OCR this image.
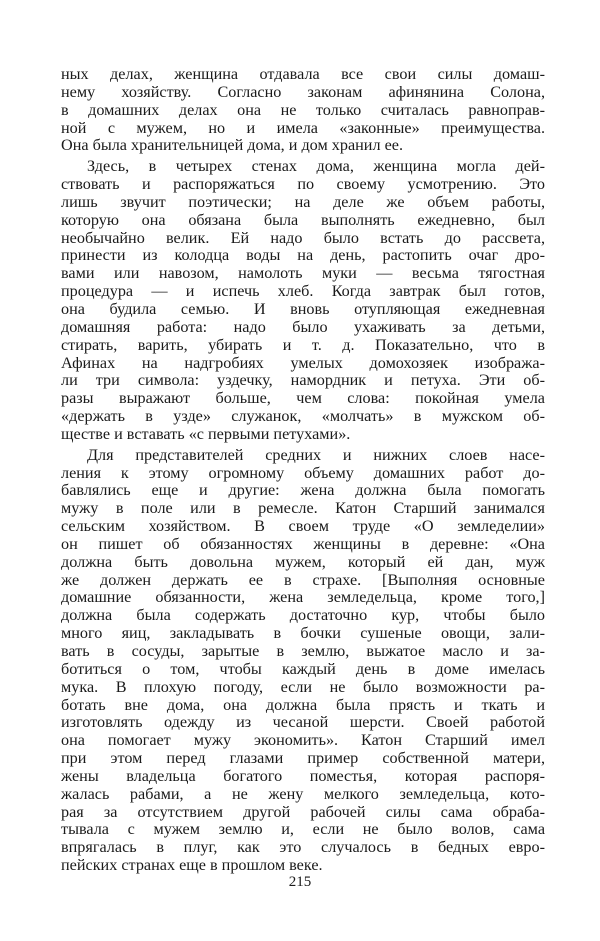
ных делах, женщина отдавала все свои силы домаш-
нему хозяйству. Согласно законам афинянина Солона,
в домашних делах она не только считалась равноправ-
ной с мужем, но и имела «законные» преимущества.
Она была хранительницей дома, и дом хранил ее.
Здесь, в четырех стенах дома, женщина могла дей-
ствовать и распоряжаться по своему усмотрению. Это
лишь звучит поэтически; на деле же объем работы,
которую она обязана была выполнять ежедневно, был
необычайно велик. Ей надо было встать до рассвета,
принести из колодца воды на день, растопить очаг дро-
вами или навозом, намолоть муки — весьма тягостная
процедура — и испечь хлеб. Когда завтрак был готов,
она будила семью. И вновь отупляющая ежедневная
домашняя работа: надо было ухаживать за детьми,
стирать, варить, убирать и т. д. Показательно, что в
Афинах на надгробиях умелых домохозяек изобража-
ли три символа: уздечку, намордник и петуха. Эти об-
разы выражают больше, чем слова: покойная умела
«держать в узде» служанок, «молчать» в мужском об-
ществе и вставать «с первыми петухами».
Для представителей средних и нижних слоев насе-
ления к этому огромному объему домашних работ до-
бавлялись еще и другие: жена должна была помогать
мужу в поле или в ремесле. Катон Старший занимался
сельским хозяйством. В своем труде «О земледелии»
он пишет об обязанностях женщины в деревне: «Она
должна быть довольна мужем, который ей дан, муж
же должен держать ее в страхе. [Выполняя основные
домашние обязанности, жена земледельца, кроме того,]
должна была содержать достаточно кур, чтобы было
много яиц, закладывать в бочки сушеные овощи, зали-
вать в сосуды, зарытые в землю, выжатое масло и за-
ботиться о том, чтобы каждый день в доме имелась
мука. В плохую погоду, если не было возможности ра-
ботать вне дома, она должна была прясть и ткать и
изготовлять одежду из чесаной шерсти. Своей работой
она помогает мужу экономить». Катон Старший имел
при этом перед глазами пример собственной матери,
жены владельца богатого поместья, которая распоря-
жалась рабами, а не жену мелкого земледельца, кото-
рая за отсутствием другой рабочей силы сама обраба-
тывала с мужем землю и, если не было волов, сама
впрягалась в плуг, как это случалось в бедных евро-
пейских странах еще в прошлом веке.
215
